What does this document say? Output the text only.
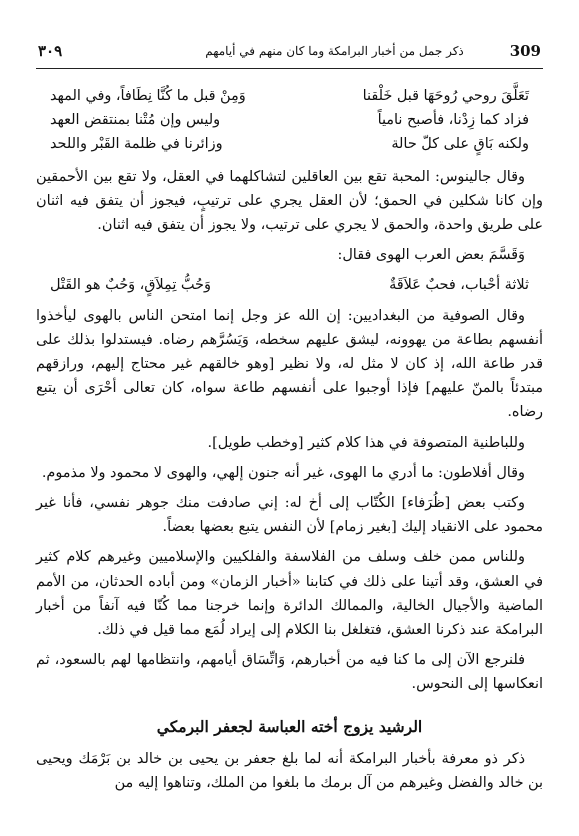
٣٠٩	ذكر جمل من أخبار البرامكة وما كان منهم في أيامهم	309
تَعَلَّقَ روحي رُوحَهَا قبل خَلْقنا
وَمِنْ قبل ما كُنَّا نِطَافاً، وفي المهد
فزاد كما زِدْنا، فأصبح نامياً
وليس وإن مُتْنا بمنتقض العهد
ولكنه بَاقٍ على كلّ حالة
وزائرنا في ظلمة القَبْر واللحد

وقال جالينوس: المحبة تقع بين العاقلين لتشاكلهما في العقل، ولا تقع بين الأحمقين وإن كانا شكلين في الحمق؛ لأن العقل يجري على ترتيبٍ، فيجوز أن يتفق فيه اثنان على طريق واحدة، والحمق لا يجري على ترتيب، ولا يجوز أن يتفق فيه اثنان.

وَقَسَّمَ بعض العرب الهوى فقال:

ثلاثة أحْباب، فحبٌ عَلاَقَةٌ
وَحُبُّ تِمِلاَقٍ، وَحُبٌ هو القَتْل

وقال الصوفية من البغداديين: إن الله عز وجل إنما امتحن الناس بالهوى ليأخذوا أنفسهم بطاعة من يهوونه، ليشق عليهم سخطه، وَيَسُرَّهم رضاه. فيستدلوا بذلك على قدر طاعة الله، إذ كان لا مثل له، ولا نظير [وهو خالقهم غير محتاج إليهم، ورازقهم مبتدئاً بالمنّ عليهم] فإذا أوجبوا على أنفسهم طاعة سواه، كان تعالى أحْرَى أن يتبع رضاه.

وللباطنية المتصوفة في هذا كلام كثير [وخطب طويل].

وقال أفلاطون: ما أدري ما الهوى، غير أنه جنون إلهي، والهوى لا محمود ولا مذموم.

وكتب بعض [ظُرَفاء] الكُتّاب إلى أخ له: إني صادفت منك جوهر نفسي، فأنا غير محمود على الانقياد إليك [بغير زمام] لأن النفس يتبع بعضها بعضاً.

وللناس ممن خلف وسلف من الفلاسفة والفلكيين والإسلاميين وغيرهم كلام كثير في العشق، وقد أتينا على ذلك في كتابنا «أخبار الزمان» ومن أباده الحدثان، من الأمم الماضية والأجيال الخالية، والممالك الدائرة وإنما خرجنا مما كُنّا فيه آنفاً من أخبار البرامكة عند ذكرنا العشق، فتغلغل بنا الكلام إلى إيراد لُمَع مما قيل في ذلك.

فلنرجع الآن إلى ما كنا فيه من أخبارهم، وَاتِّسَاق أيامهم، وانتظامها لهم بالسعود، ثم انعكاسها إلى النحوس.

الرشيد يزوج أخته العباسة لجعفر البرمكي

ذكر ذو معرفة بأخبار البرامكة أنه لما بلغ جعفر بن يحيى بن خالد بن بَرْمَك ويحيى بن خالد والفضل وغيرهم من آل برمك ما بلغوا من الملك، وتناهوا إليه من
